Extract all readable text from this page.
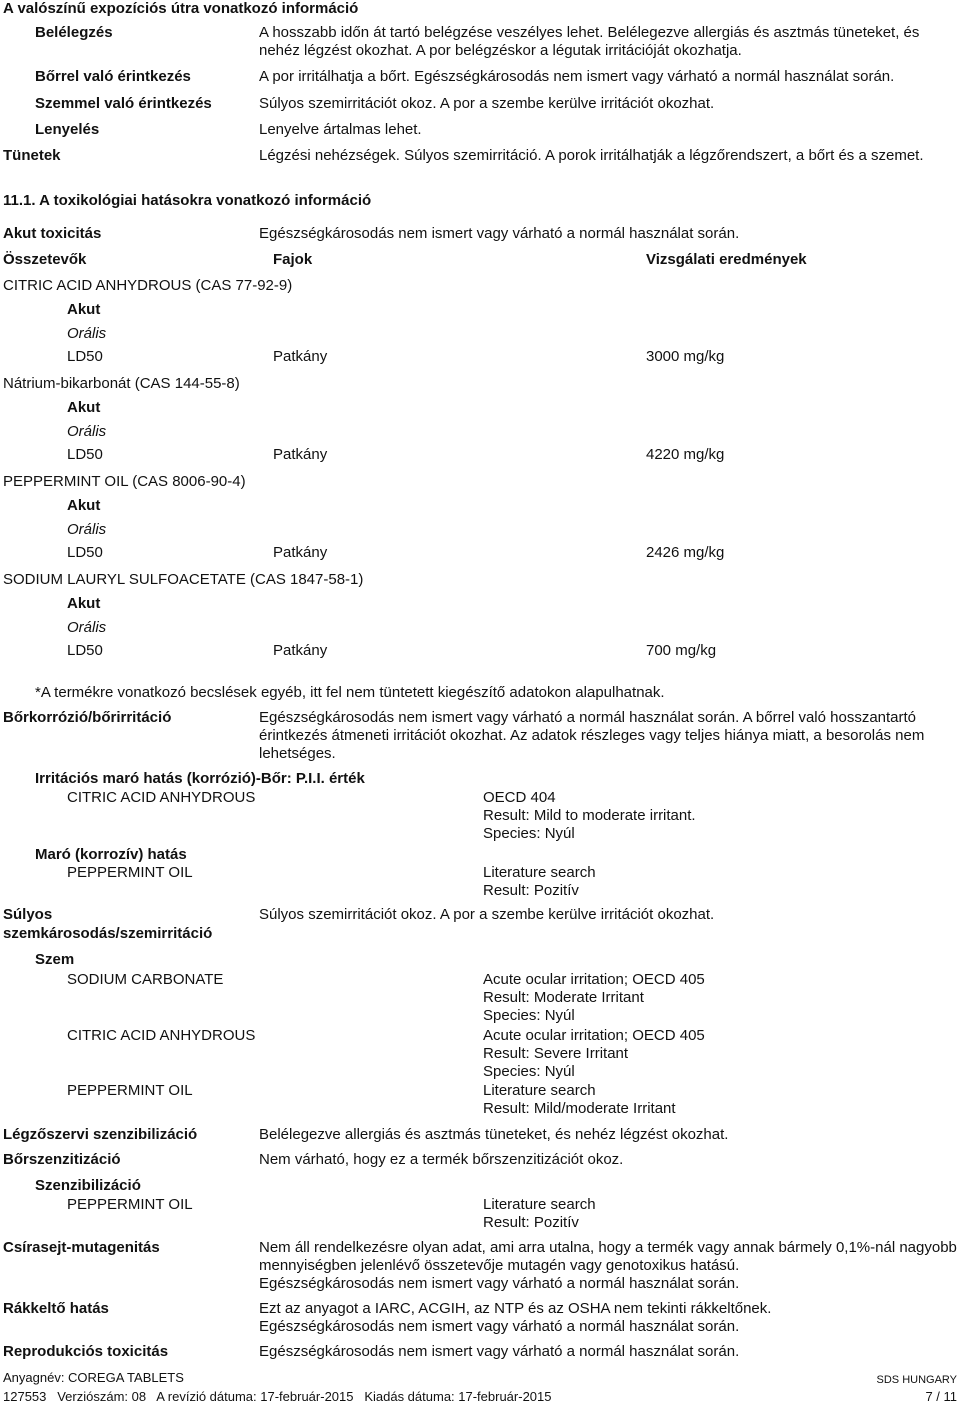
A valószínű expozíciós útra vonatkozó információ
Belélegzés	A hosszabb időn át tartó belégzése veszélyes lehet. Belélegezve allergiás és asztmás tüneteket, és nehéz légzést okozhat. A por belégzéskor a légutak irritációját okozhatja.
Bőrrel való érintkezés	A por irritálhatja a bőrt. Egészségkárosodás nem ismert vagy várható a normál használat során.
Szemmel való érintkezés	Súlyos szemirritációt okoz. A por a szembe kerülve irritációt okozhat.
Lenyelés	Lenyelve ártalmas lehet.
Tünetek	Légzési nehézségek. Súlyos szemirritáció. A porok irritálhatják a légzőrendszert, a bőrt és a szemet.
11.1. A toxikológiai hatásokra vonatkozó információ
Akut toxicitás	Egészségkárosodás nem ismert vagy várható a normál használat során.
Összetevők	Fajok	Vizsgálati eredmények
CITRIC ACID ANHYDROUS (CAS 77-92-9)
Akut
Orális
LD50	Patkány	3000 mg/kg
Nátrium-bikarbonát (CAS 144-55-8)
Akut
Orális
LD50	Patkány	4220 mg/kg
PEPPERMINT OIL (CAS 8006-90-4)
Akut
Orális
LD50	Patkány	2426 mg/kg
SODIUM LAURYL SULFOACETATE (CAS 1847-58-1)
Akut
Orális
LD50	Patkány	700 mg/kg
*A termékre vonatkozó becslések egyéb, itt fel nem tüntetett kiegészítő adatokon alapulhatnak.
Bőrkorrózió/bőrirritáció	Egészségkárosodás nem ismert vagy várható a normál használat során. A bőrrel való hosszantartó érintkezés átmeneti irritációt okozhat. Az adatok részleges vagy teljes hiánya miatt, a besorolás nem lehetséges.
Irritációs maró hatás (korrózió)-Bőr: P.I.I. érték
CITRIC ACID ANHYDROUS	OECD 404
Result: Mild to moderate irritant.
Species: Nyúl
Maró (korrozív) hatás
PEPPERMINT OIL	Literature search
Result: Pozitív
Súlyos
szemkárosodás/szemirritáció
Súlyos szemirritációt okoz. A por a szembe kerülve irritációt okozhat.
Szem
SODIUM CARBONATE	Acute ocular irritation; OECD 405
Result: Moderate Irritant
Species: Nyúl
CITRIC ACID ANHYDROUS	Acute ocular irritation; OECD 405
Result: Severe Irritant
Species: Nyúl
PEPPERMINT OIL	Literature search
Result: Mild/moderate Irritant
Légzőszervi szenzibilizáció	Belélegezve allergiás és asztmás tüneteket, és nehéz légzést okozhat.
Bőrszenzitizáció	Nem várható, hogy ez a termék bőrszenzitizációt okoz.
Szenzibilizáció
PEPPERMINT OIL	Literature search
Result: Pozitív
Csírasejt-mutagenitás	Nem áll rendelkezésre olyan adat, ami arra utalna, hogy a termék vagy annak bármely 0,1%-nál nagyobb mennyiségben jelenlévő összetevője mutagén vagy genotoxikus hatású.
Egészségkárosodás nem ismert vagy várható a normál használat során.
Rákkeltő hatás	Ezt az anyagot a IARC, ACGIH, az NTP és az OSHA nem tekinti rákkeltőnek.
Egészségkárosodás nem ismert vagy várható a normál használat során.
Reprodukciós toxicitás	Egészségkárosodás nem ismert vagy várható a normál használat során.
Anyagnév: COREGA TABLETS
127553   Verziószám: 08   A revízió dátuma: 17-február-2015   Kiadás dátuma: 17-február-2015
SDS HUNGARY
7 / 11
